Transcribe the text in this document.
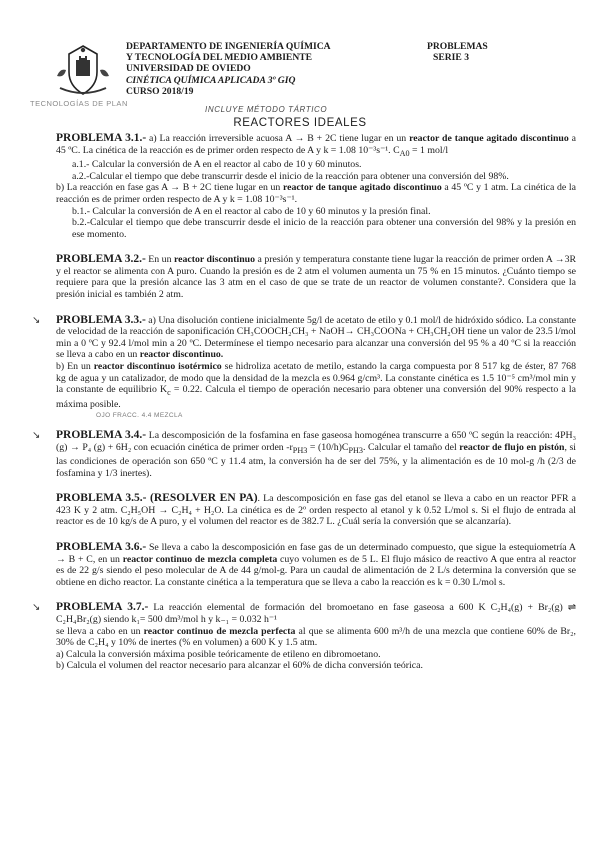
DEPARTAMENTO DE INGENIERÍA QUÍMICA
Y TECNOLOGÍA DEL MEDIO AMBIENTE
UNIVERSIDAD DE OVIEDO
CINÉTICA QUÍMICA APLICADA 3º GIQ
CURSO 2018/19
PROBLEMAS
SERIE 3
TECNOLOGÍAS DE PLAN
INCLUYE MÉTODO TÁRTICO
REACTORES IDEALES

PROBLEMA 3.1.- a) La reacción irreversible acuosa A → B + 2C tiene lugar en un reactor de tanque agitado discontinuo a 45 ºC. La cinética de la reacción es de primer orden respecto de A y k = 1.08 10⁻³s⁻¹. $C_{A0} = 1$ mol/l

a.1.- Calcular la conversión de A en el reactor al cabo de 10 y 60 minutos.

a.2.-Calcular el tiempo que debe transcurrir desde el inicio de la reacción para obtener una conversión del 98%.

b) La reacción en fase gas A → B + 2C tiene lugar en un reactor de tanque agitado discontinuo a 45 ºC y 1 atm. La cinética de la reacción es de primer orden respecto de A y k = 1.08 10⁻³s⁻¹.

b.1.- Calcular la conversión de A en el reactor al cabo de 10 y 60 minutos y la presión final.

b.2.-Calcular el tiempo que debe transcurrir desde el inicio de la reacción para obtener una conversión del 98% y la presión en ese momento.

PROBLEMA 3.2.- En un reactor discontinuo a presión y temperatura constante tiene lugar la reacción de primer orden A →3R y el reactor se alimenta con A puro. Cuando la presión es de 2 atm el volumen aumenta un 75 % en 15 minutos. ¿Cuánto tiempo se requiere para que la presión alcance las 3 atm en el caso de que se trate de un reactor de volumen constante?. Considera que la presión inicial es también 2 atm.

↘ PROBLEMA 3.3.- a) Una disolución contiene inicialmente 5g/l de acetato de etilo y 0.1 mol/l de hidróxido sódico. La constante de velocidad de la reacción de saponificación CH₃COOCH₂CH₃ + NaOH→ CH₃COONa + CH₃CH₂OH tiene un valor de 23.5 l/mol min a 0 ºC y 92.4 l/mol min a 20 ºC. Determínese el tiempo necesario para alcanzar una conversión del 95 % a 40 ºC si la reacción se lleva a cabo en un reactor discontinuo.

b) En un reactor discontinuo isotérmico se hidroliza acetato de metilo, estando la carga compuesta por 8 517 kg de éster, 87 768 kg de agua y un catalizador, de modo que la densidad de la mezcla es 0.964 g/cm³. La constante cinética es 1.5 10⁻⁵ cm³/mol min y la constante de equilibrio $K_c = 0.22$. Calcula el tiempo de operación necesario para obtener una conversión del 90% respecto a la máxima posible.

OJO FRACC. 4.4 MEZCLA

↘ PROBLEMA 3.4.- La descomposición de la fosfamina en fase gaseosa homogénea transcurre a 650 ºC según la reacción: 4PH₃ (g) → P₄ (g) + 6H₂ con ecuación cinética de primer orden $-r_{PH3} = (10/h)C_{PH3}$. Calcular el tamaño del reactor de flujo en pistón, si las condiciones de operación son 650 ºC y 11.4 atm, la conversión ha de ser del 75%, y la alimentación es de 10 mol-g /h (2/3 de fosfamina y 1/3 inertes).

PROBLEMA 3.5.- (RESOLVER EN PA). La descomposición en fase gas del etanol se lleva a cabo en un reactor PFR a 423 K y 2 atm. C₂H₅OH → C₂H₄ + H₂O. La cinética es de 2º orden respecto al etanol y k 0.52 L/mol s. Si el flujo de entrada al reactor es de 10 kg/s de A puro, y el volumen del reactor es de 382.7 L. ¿Cuál sería la conversión que se alcanzaría).

PROBLEMA 3.6.- Se lleva a cabo la descomposición en fase gas de un determinado compuesto, que sigue la estequiometría A → B + C, en un reactor continuo de mezcla completa cuyo volumen es de 5 L. El flujo másico de reactivo A que entra al reactor es de 22 g/s siendo el peso molecular de A de 44 g/mol-g. Para un caudal de alimentación de 2 L/s determina la conversión que se obtiene en dicho reactor. La constante cinética a la temperatura que se lleva a cabo la reacción es k = 0.30 L/mol s.

↘ PROBLEMA 3.7.- La reacción elemental de formación del bromoetano en fase gaseosa a 600 K C₂H₄(g) + Br₂(g) ⇌ C₂H₄Br₂(g) siendo k₁= 500 dm³/mol h y k₋₁ = 0.032 h⁻¹

se lleva a cabo en un reactor continuo de mezcla perfecta al que se alimenta 600 m³/h de una mezcla que contiene 60% de Br₂, 30% de C₂H₄ y 10% de inertes (% en volumen) a 600 K y 1.5 atm.

a) Calcula la conversión máxima posible teóricamente de etileno en dibromoetano.

b) Calcula el volumen del reactor necesario para alcanzar el 60% de dicha conversión teórica.
